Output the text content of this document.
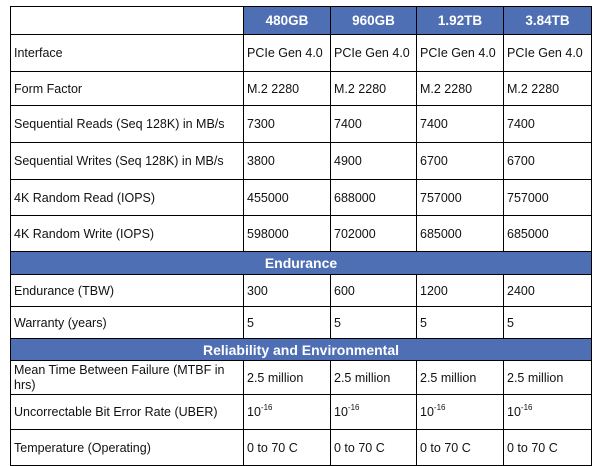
	480GB	960GB	1.92TB	3.84TB
Interface	PCIe Gen 4.0	PCIe Gen 4.0	PCIe Gen 4.0	PCIe Gen 4.0
Form Factor	M.2 2280	M.2 2280	M.2 2280	M.2 2280
Sequential Reads (Seq 128K) in MB/s	7300	7400	7400	7400
Sequential Writes (Seq 128K) in MB/s	3800	4900	6700	6700
4K Random Read (IOPS)	455000	688000	757000	757000
4K Random Write (IOPS)	598000	702000	685000	685000
Endurance				
Endurance (TBW)	300	600	1200	2400
Warranty (years)	5	5	5	5
Reliability and Environmental				
Mean Time Between Failure (MTBF in hrs)	2.5 million	2.5 million	2.5 million	2.5 million
Uncorrectable Bit Error Rate (UBER)	$10^{-16}$	$10^{-16}$	$10^{-16}$	$10^{-16}$
Temperature (Operating)	0 to 70 C	0 to 70 C	0 to 70 C	0 to 70 C
